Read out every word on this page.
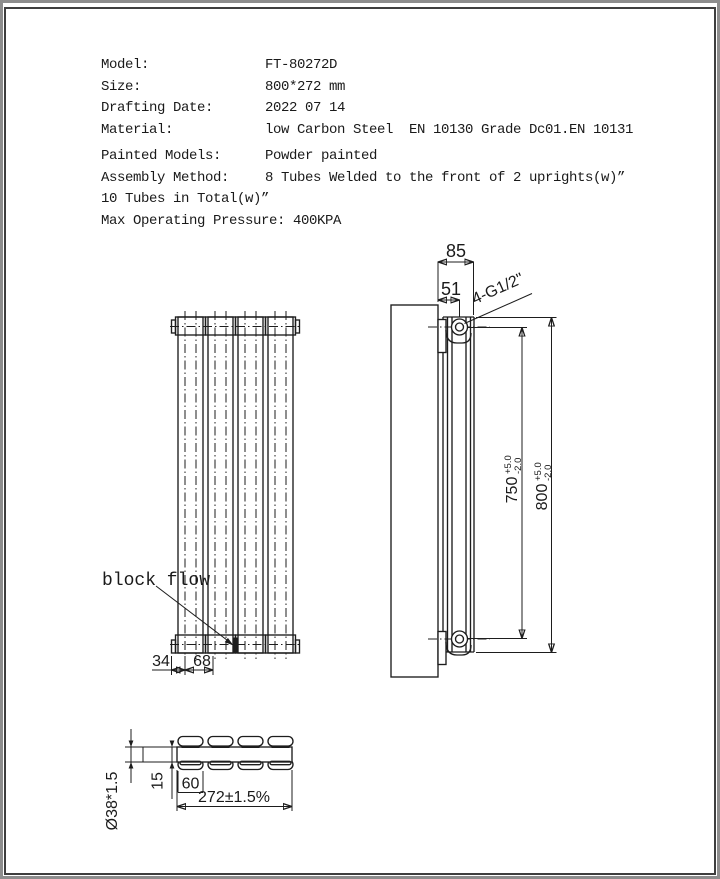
Model:	FT-80272D
Size:	800*272 mm
Drafting Date:	2022 07 14
Material:	low Carbon Steel  EN 10130 Grade Dc01.EN 10131
Painted Models:	Powder painted
Assembly Method:	8 Tubes Welded to the front of 2 uprights(w)”
10 Tubes in Total(w)”
Max Operating Pressure: 400KPA
block flow
34 68
85
51 4-G1/2"
750
+5.0 -2.0
800
+5.0 -2.0
272±1.5%
60
15
Ø38*1.5
